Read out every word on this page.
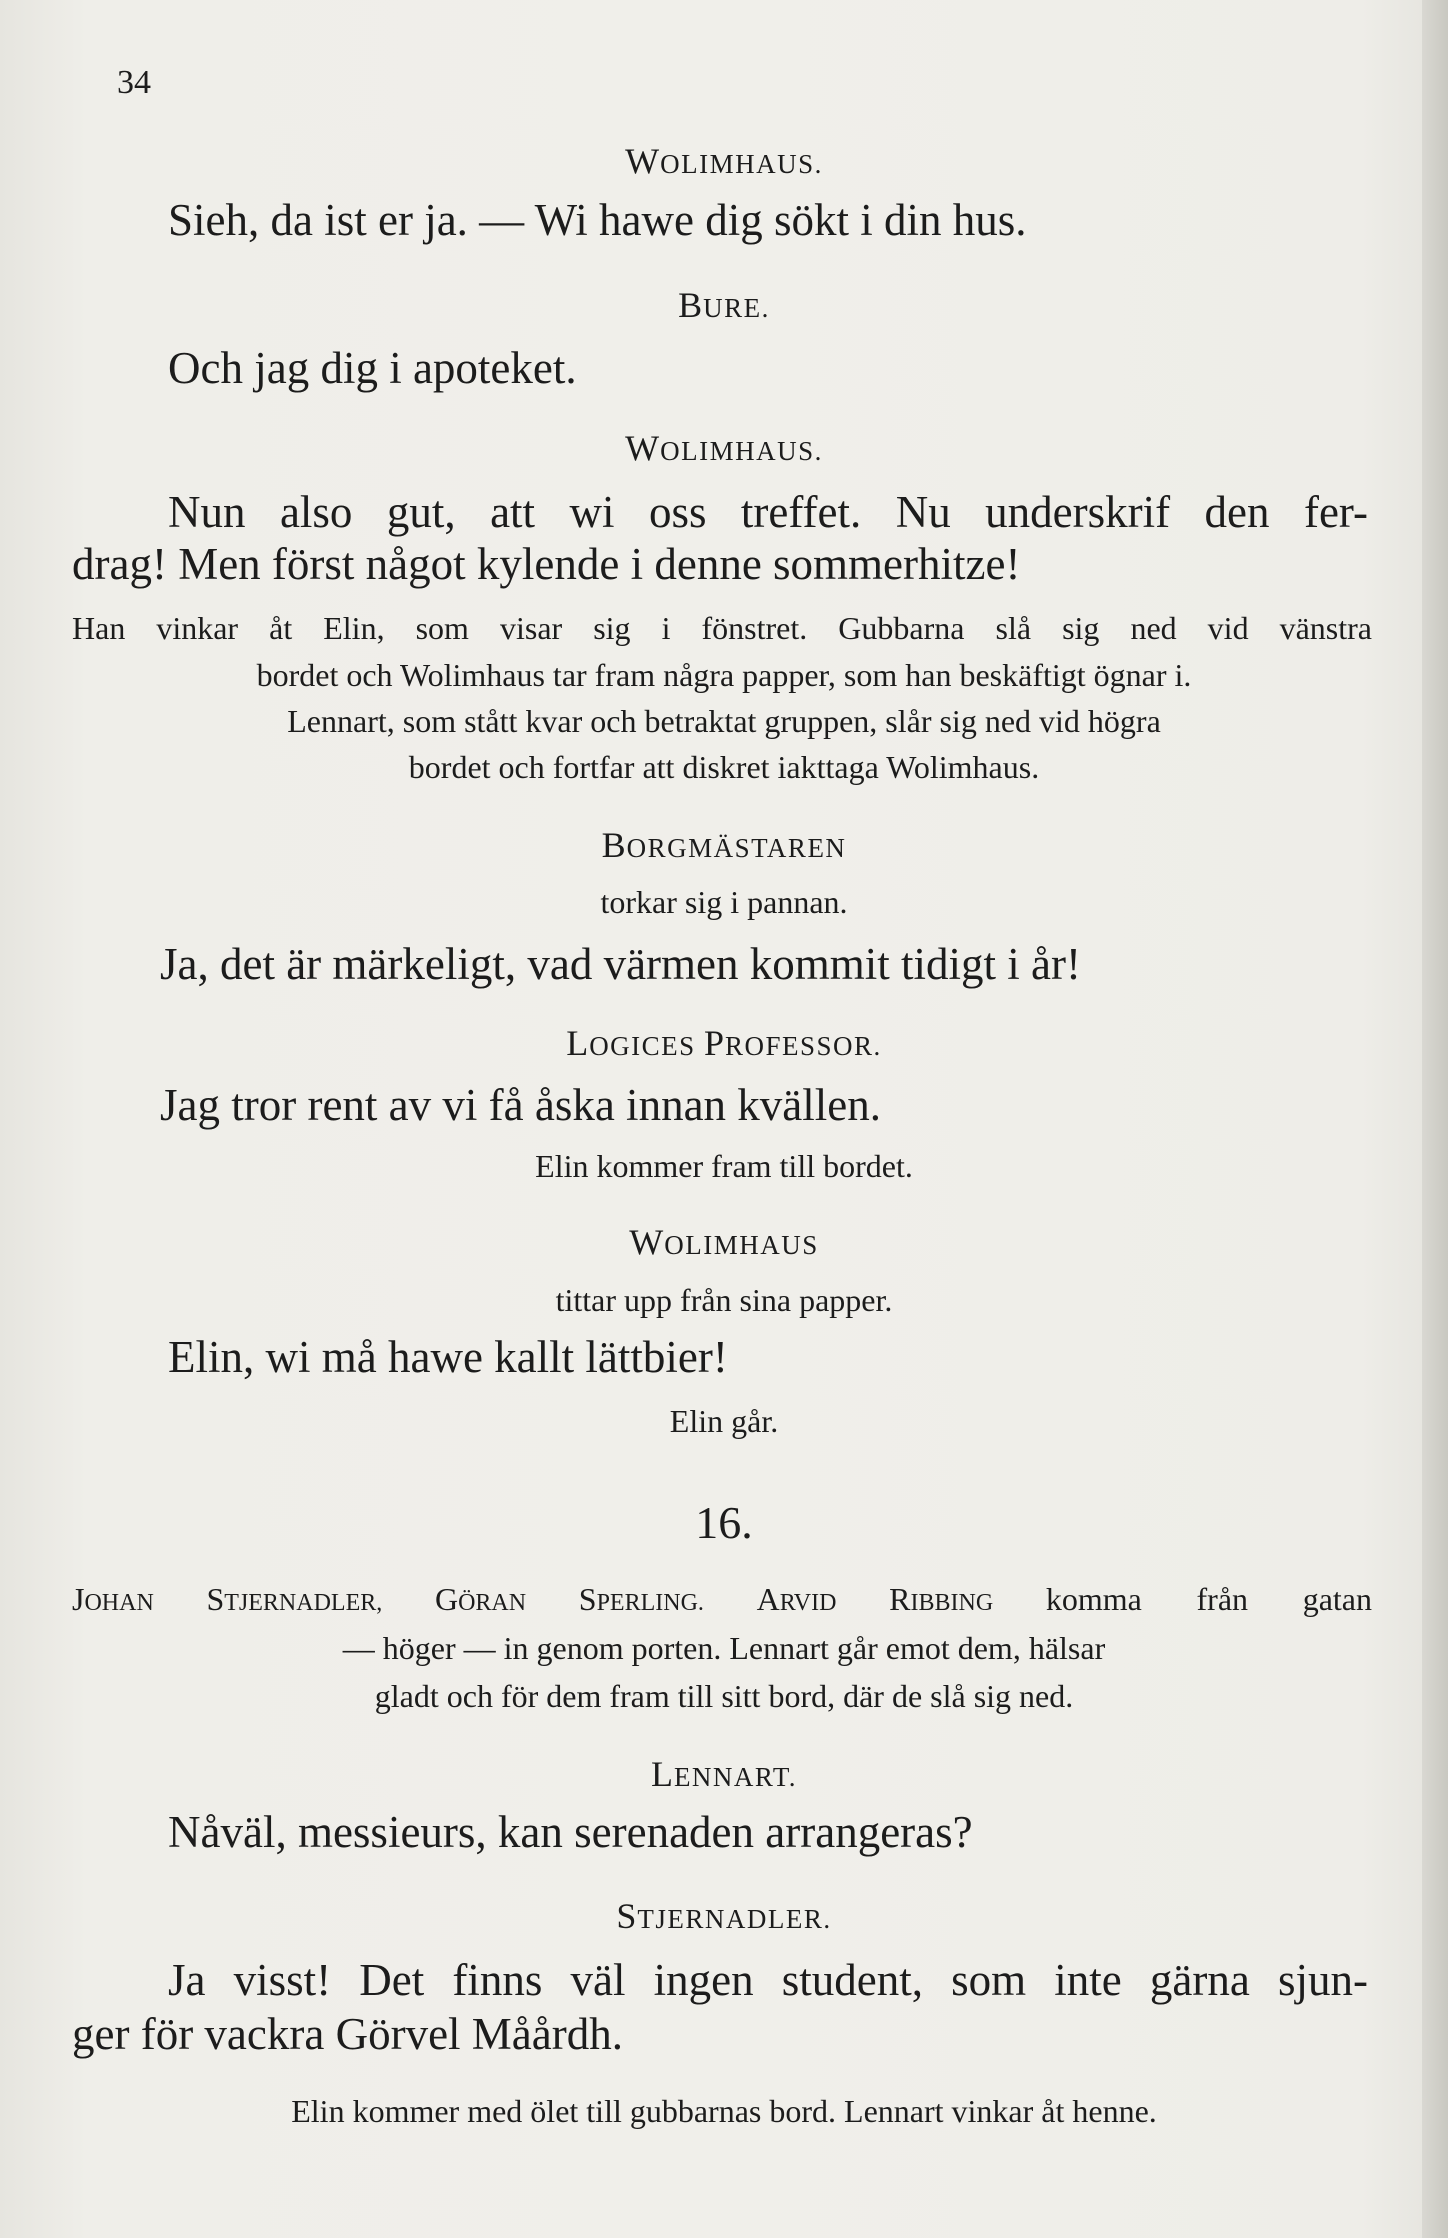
34
WOLIMHAUS.
Sieh, da ist er ja. — Wi hawe dig sökt i din hus.
BURE.
Och jag dig i apoteket.
WOLIMHAUS.
Nun also gut, att wi oss treffet. Nu underskrif den fer-
drag! Men först något kylende i denne sommerhitze!
Han vinkar åt Elin, som visar sig i fönstret. Gubbarna slå sig ned vid vänstra
bordet och Wolimhaus tar fram några papper, som han beskäftigt ögnar i.
Lennart, som stått kvar och betraktat gruppen, slår sig ned vid högra
bordet och fortfar att diskret iakttaga Wolimhaus.
BORGMÄSTAREN
torkar sig i pannan.
Ja, det är märkeligt, vad värmen kommit tidigt i år!
LOGICES PROFESSOR.
Jag tror rent av vi få åska innan kvällen.
Elin kommer fram till bordet.
WOLIMHAUS
tittar upp från sina papper.
Elin, wi må hawe kallt lättbier!
Elin går.
16.
JOHAN STJERNADLER, GÖRAN SPERLING. ARVID RIBBING komma från gatan
— höger — in genom porten. Lennart går emot dem, hälsar
gladt och för dem fram till sitt bord, där de slå sig ned.
LENNART.
Nåväl, messieurs, kan serenaden arrangeras?
STJERNADLER.
Ja visst! Det finns väl ingen student, som inte gärna sjun-
ger för vackra Görvel Måårdh.
Elin kommer med ölet till gubbarnas bord. Lennart vinkar åt henne.
